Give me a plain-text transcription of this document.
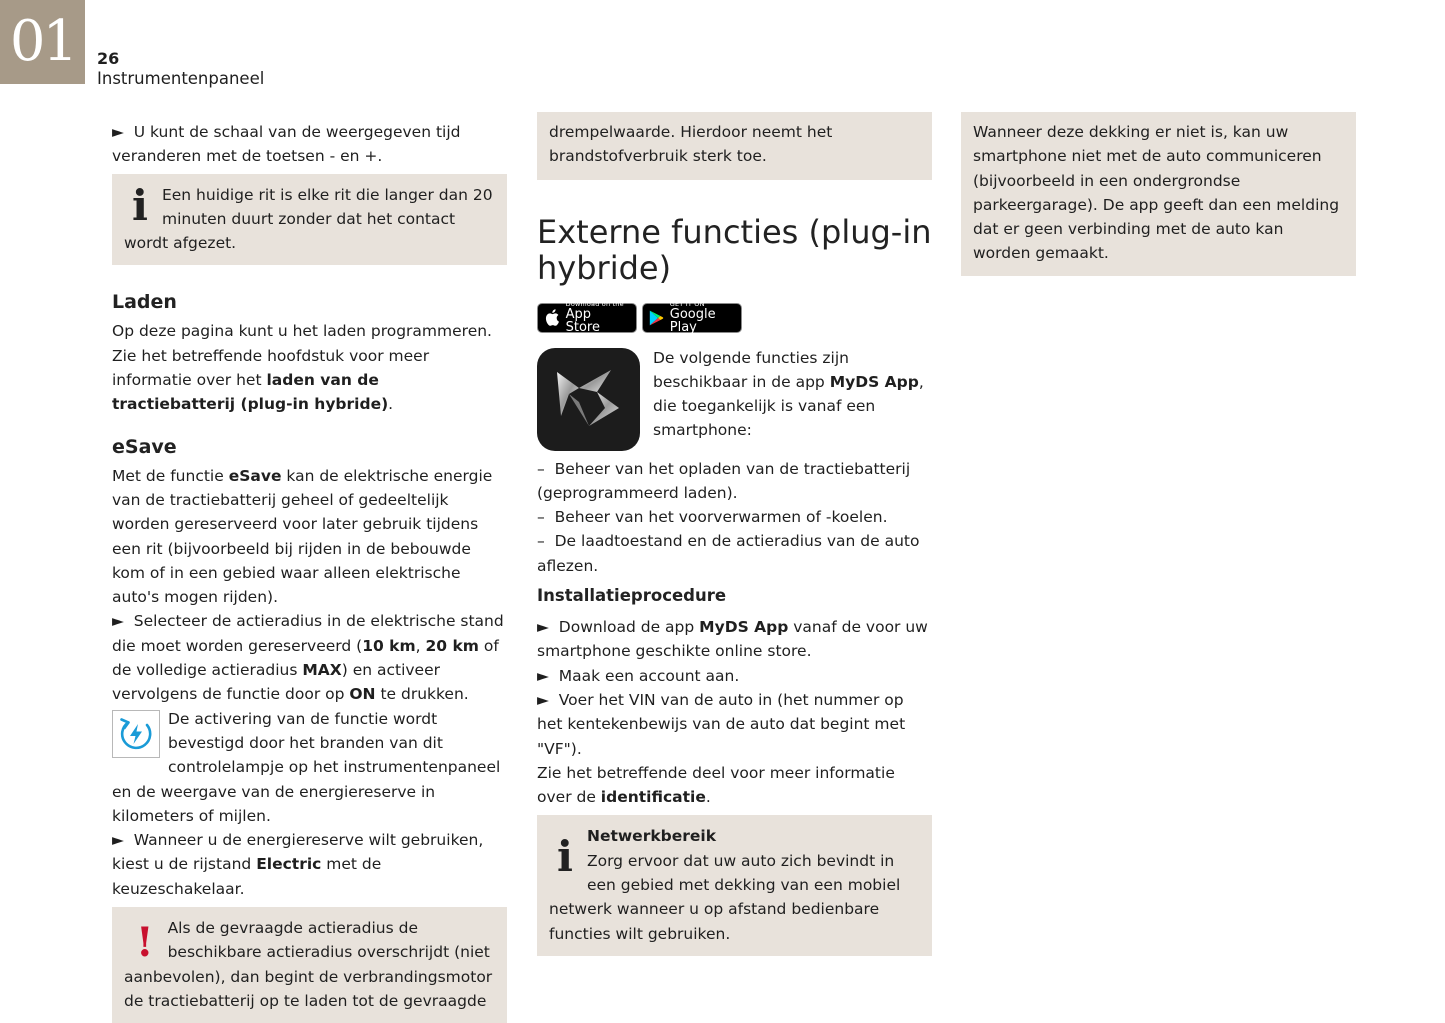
01	26
Instrumentenpaneel

► U kunt de schaal van de weergegeven tijd veranderen met de toetsen - en +.

i Een huidige rit is elke rit die langer dan 20 minuten duurt zonder dat het contact wordt afgezet.
Laden

Op deze pagina kunt u het laden programmeren.

Zie het betreffende hoofdstuk voor meer informatie over het laden van de tractiebatterij (plug-in hybride).

eSave

Met de functie eSave kan de elektrische energie van de tractiebatterij geheel of gedeeltelijk worden gereserveerd voor later gebruik tijdens een rit (bijvoorbeeld bij rijden in de bebouwde kom of in een gebied waar alleen elektrische auto's mogen rijden).

► Selecteer de actieradius in de elektrische stand die moet worden gereserveerd (10 km, 20 km of de volledige actieradius MAX) en activeer vervolgens de functie door op ON te drukken.

De activering van de functie wordt bevestigd door het branden van dit controlelampje op het instrumentenpaneel en de weergave van de energiereserve in kilometers of mijlen.

► Wanneer u de energiereserve wilt gebruiken, kiest u de rijstand Electric met de keuzeschakelaar.

! Als de gevraagde actieradius de beschikbare actieradius overschrijdt (niet aanbevolen), dan begint de verbrandingsmotor de tractiebatterij op te laden tot de gevraagde
drempelwaarde. Hierdoor neemt het brandstofverbruik sterk toe.
Externe functies (plug-in hybride)
Download on the
App Store
GET IT ON
Google Play

De volgende functies zijn beschikbaar in de app MyDS App, die toegankelijk is vanaf een smartphone:

– Beheer van het opladen van de tractiebatterij (geprogrammeerd laden).

– Beheer van het voorverwarmen of -koelen.

– De laadtoestand en de actieradius van de auto aflezen.

Installatieprocedure

► Download de app MyDS App vanaf de voor uw smartphone geschikte online store.

► Maak een account aan.

► Voer het VIN van de auto in (het nummer op het kentekenbewijs van de auto dat begint met "VF").

Zie het betreffende deel voor meer informatie over de identificatie.

i Netwerkbereik
Zorg ervoor dat uw auto zich bevindt in een gebied met dekking van een mobiel netwerk wanneer u op afstand bedienbare functies wilt gebruiken.
Wanneer deze dekking er niet is, kan uw smartphone niet met de auto communiceren (bijvoorbeeld in een ondergrondse parkeergarage). De app geeft dan een melding dat er geen verbinding met de auto kan worden gemaakt.
